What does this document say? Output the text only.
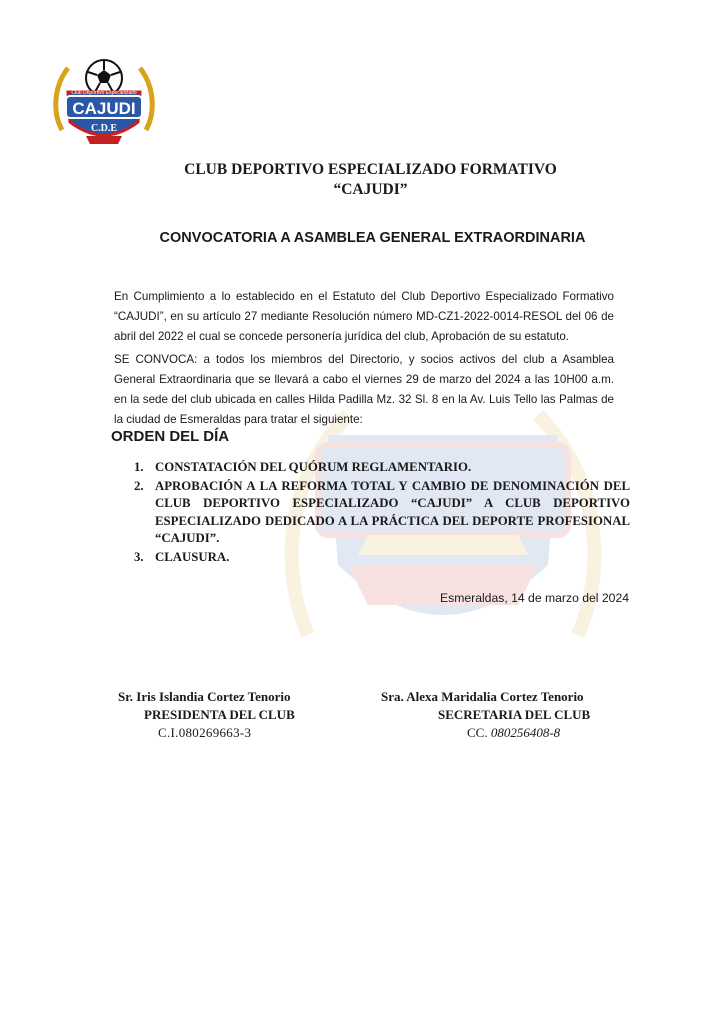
CAJUDI
Club Deportivo Especializado
C.D.E
CLUB DEPORTIVO ESPECIALIZADO FORMATIVO
“CAJUDI”
CONVOCATORIA A ASAMBLEA GENERAL EXTRAORDINARIA

En Cumplimiento a lo establecido en el Estatuto del Club Deportivo Especializado Formativo “CAJUDI”, en su artículo 27 mediante Resolución número MD-CZ1-2022-0014-RESOL del 06 de abril del 2022 el cual se concede personería jurídica del club, Aprobación de su estatuto.

SE CONVOCA: a todos los miembros del Directorio, y socios activos del club a Asamblea General Extraordinaria que se llevará a cabo el viernes 29 de marzo del 2024 a las 10H00 a.m. en la sede del club ubicada en calles Hilda Padilla Mz. 32 Sl. 8 en la Av. Luis Tello las Palmas de la ciudad de Esmeraldas para tratar el siguiente:

ORDEN DEL DÍA
1. CONSTATACIÓN DEL QUÓRUM REGLAMENTARIO.
2. APROBACIÓN A LA REFORMA TOTAL Y CAMBIO DE DENOMINACIÓN DEL CLUB DEPORTIVO ESPECIALIZADO “CAJUDI” A CLUB DEPORTIVO ESPECIALIZADO DEDICADO A LA PRÁCTICA DEL DEPORTE PROFESIONAL “CAJUDI”.
3. CLAUSURA.
Esmeraldas, 14 de marzo del 2024
Sr. Iris Islandia Cortez Tenorio
PRESIDENTA DEL CLUB
C.I.080269663-3
Sra. Alexa Maridalia Cortez Tenorio
SECRETARIA DEL CLUB
CC. 080256408-8
